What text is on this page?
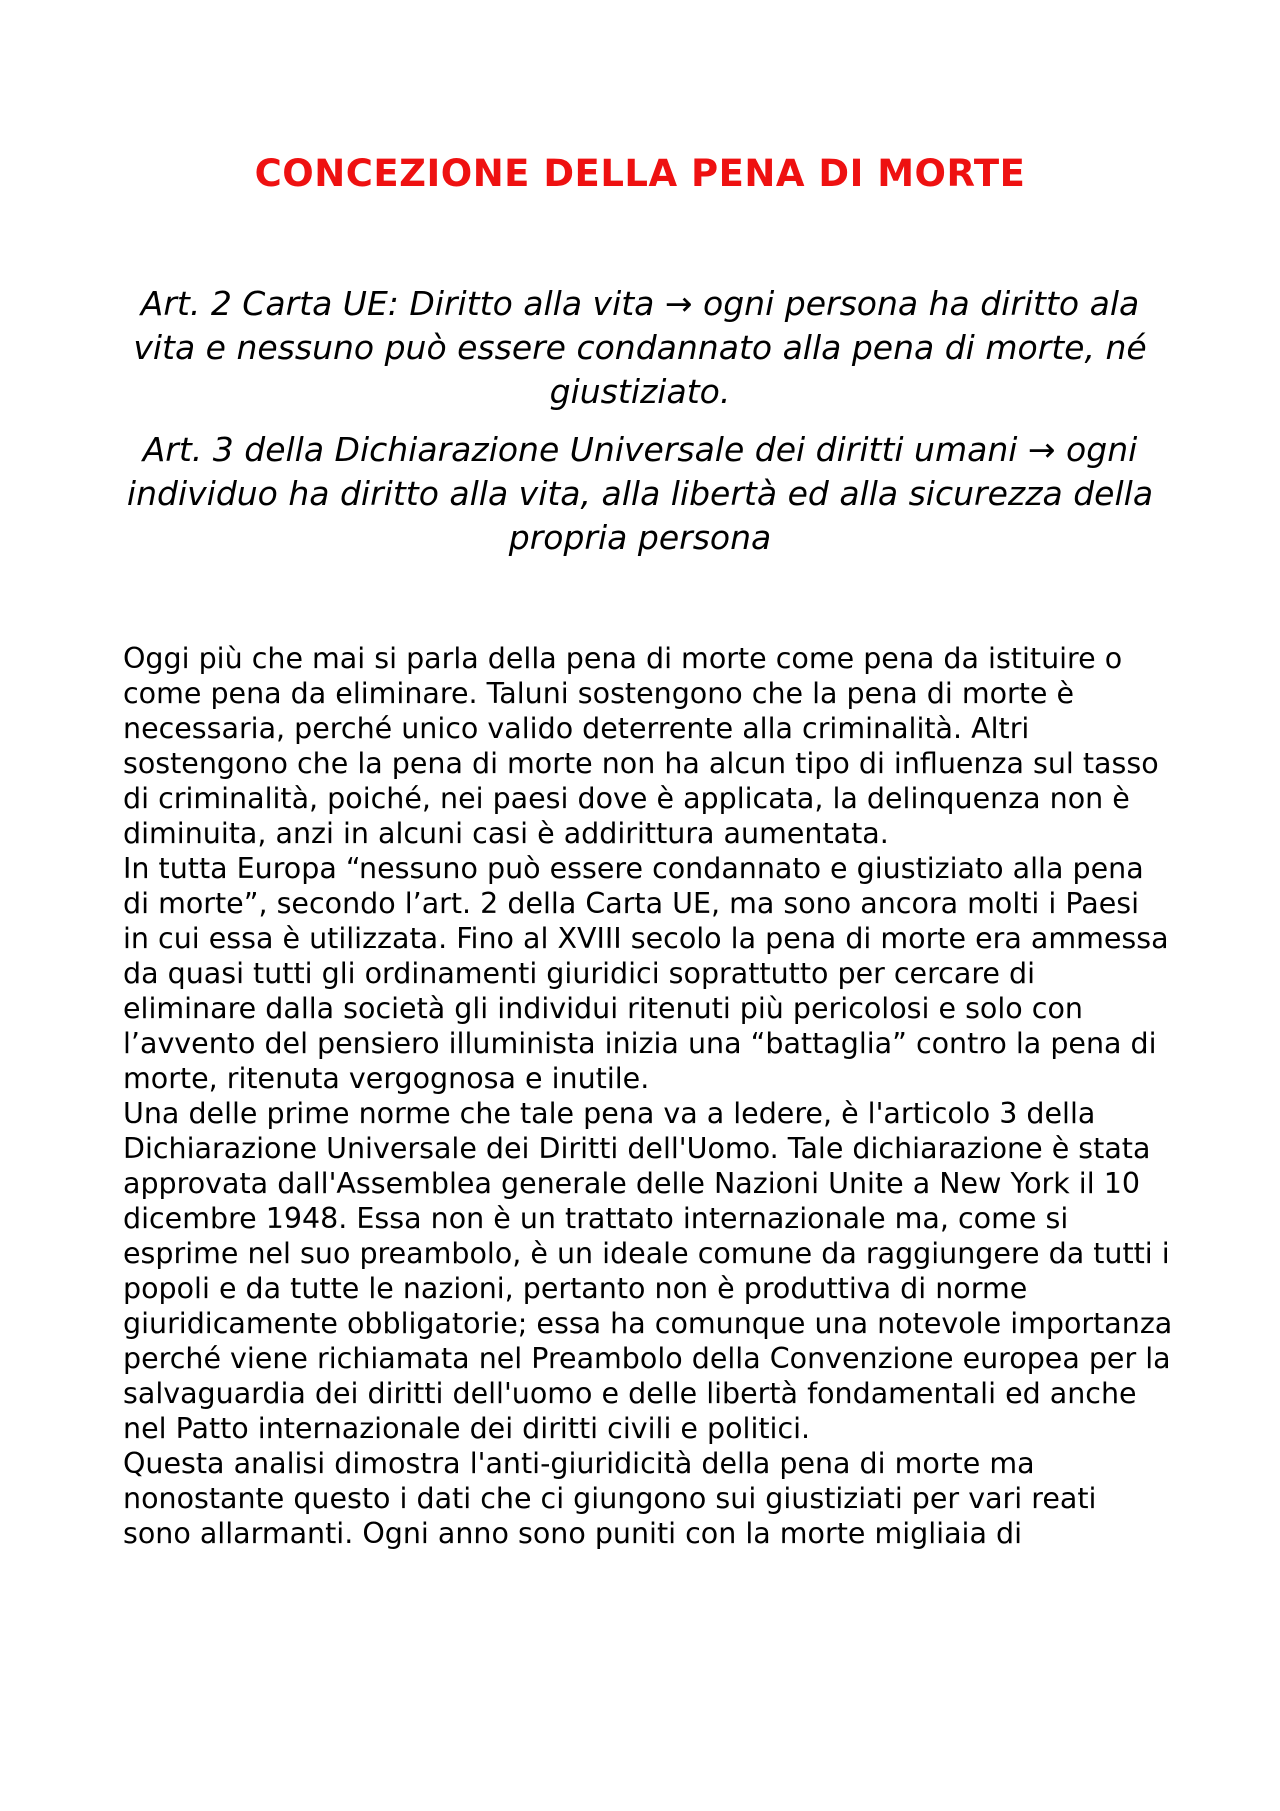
CONCEZIONE DELLA PENA DI MORTE

Art. 2 Carta UE: Diritto alla vita → ogni persona ha diritto ala vita e nessuno può essere condannato alla pena di morte, né giustiziato.

Art. 3 della Dichiarazione Universale dei diritti umani → ogni individuo ha diritto alla vita, alla libertà ed alla sicurezza della propria persona

Oggi più che mai si parla della pena di morte come pena da istituire o come pena da eliminare. Taluni sostengono che la pena di morte è necessaria, perché unico valido deterrente alla criminalità. Altri sostengono che la pena di morte non ha alcun tipo di influenza sul tasso di criminalità, poiché, nei paesi dove è applicata, la delinquenza non è diminuita, anzi in alcuni casi è addirittura aumentata.

In tutta Europa “nessuno può essere condannato e giustiziato alla pena di morte”, secondo l’art. 2 della Carta UE, ma sono ancora molti i Paesi in cui essa è utilizzata. Fino al XVIII secolo la pena di morte era ammessa da quasi tutti gli ordinamenti giuridici soprattutto per cercare di eliminare dalla società gli individui ritenuti più pericolosi e solo con l’avvento del pensiero illuminista inizia una “battaglia” contro la pena di morte, ritenuta vergognosa e inutile.

Una delle prime norme che tale pena va a ledere, è l'articolo 3 della Dichiarazione Universale dei Diritti dell'Uomo. Tale dichiarazione è stata approvata dall'Assemblea generale delle Nazioni Unite a New York il 10 dicembre 1948. Essa non è un trattato internazionale ma, come si esprime nel suo preambolo, è un ideale comune da raggiungere da tutti i popoli e da tutte le nazioni, pertanto non è produttiva di norme giuridicamente obbligatorie; essa ha comunque una notevole importanza perché viene richiamata nel Preambolo della Convenzione europea per la salvaguardia dei diritti dell'uomo e delle libertà fondamentali ed anche nel Patto internazionale dei diritti civili e politici.

Questa analisi dimostra l'anti-giuridicità della pena di morte ma nonostante questo i dati che ci giungono sui giustiziati per vari reati sono allarmanti. Ogni anno sono puniti con la morte migliaia di
